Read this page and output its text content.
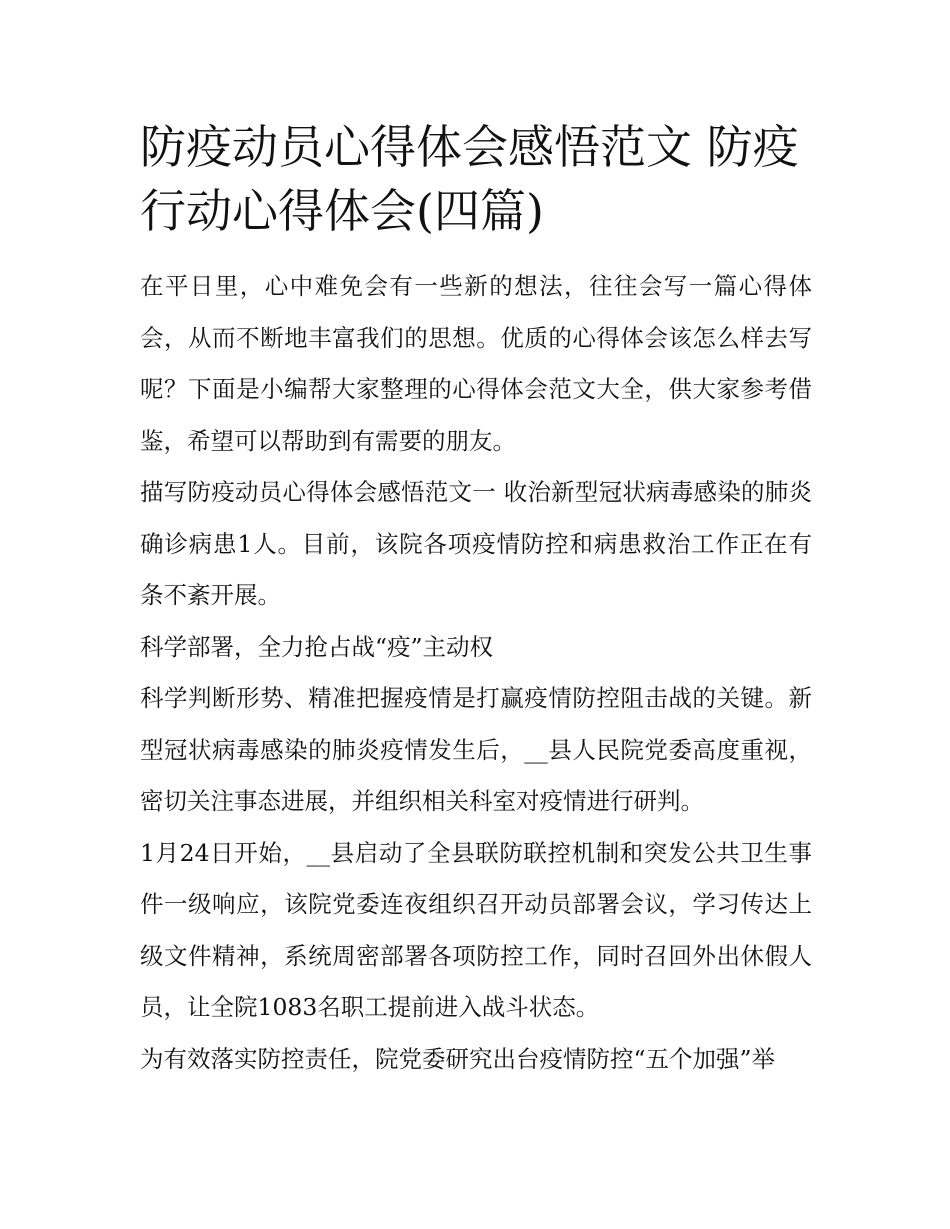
防疫动员心得体会感悟范文 防疫行动心得体会(四篇)

在平日里，心中难免会有一些新的想法，往往会写一篇心得体会，从而不断地丰富我们的思想。优质的心得体会该怎么样去写呢？下面是小编帮大家整理的心得体会范文大全，供大家参考借鉴，希望可以帮助到有需要的朋友。

描写防疫动员心得体会感悟范文一 收治新型冠状病毒感染的肺炎确诊病患1人。目前，该院各项疫情防控和病患救治工作正在有条不紊开展。

科学部署，全力抢占战“疫”主动权

科学判断形势、精准把握疫情是打赢疫情防控阻击战的关键。新型冠状病毒感染的肺炎疫情发生后，__县人民院党委高度重视，密切关注事态进展，并组织相关科室对疫情进行研判。

1月24日开始，__县启动了全县联防联控机制和突发公共卫生事件一级响应，该院党委连夜组织召开动员部署会议，学习传达上级文件精神，系统周密部署各项防控工作，同时召回外出休假人员，让全院1083名职工提前进入战斗状态。

为有效落实防控责任，院党委研究出台疫情防控“五个加强”举
